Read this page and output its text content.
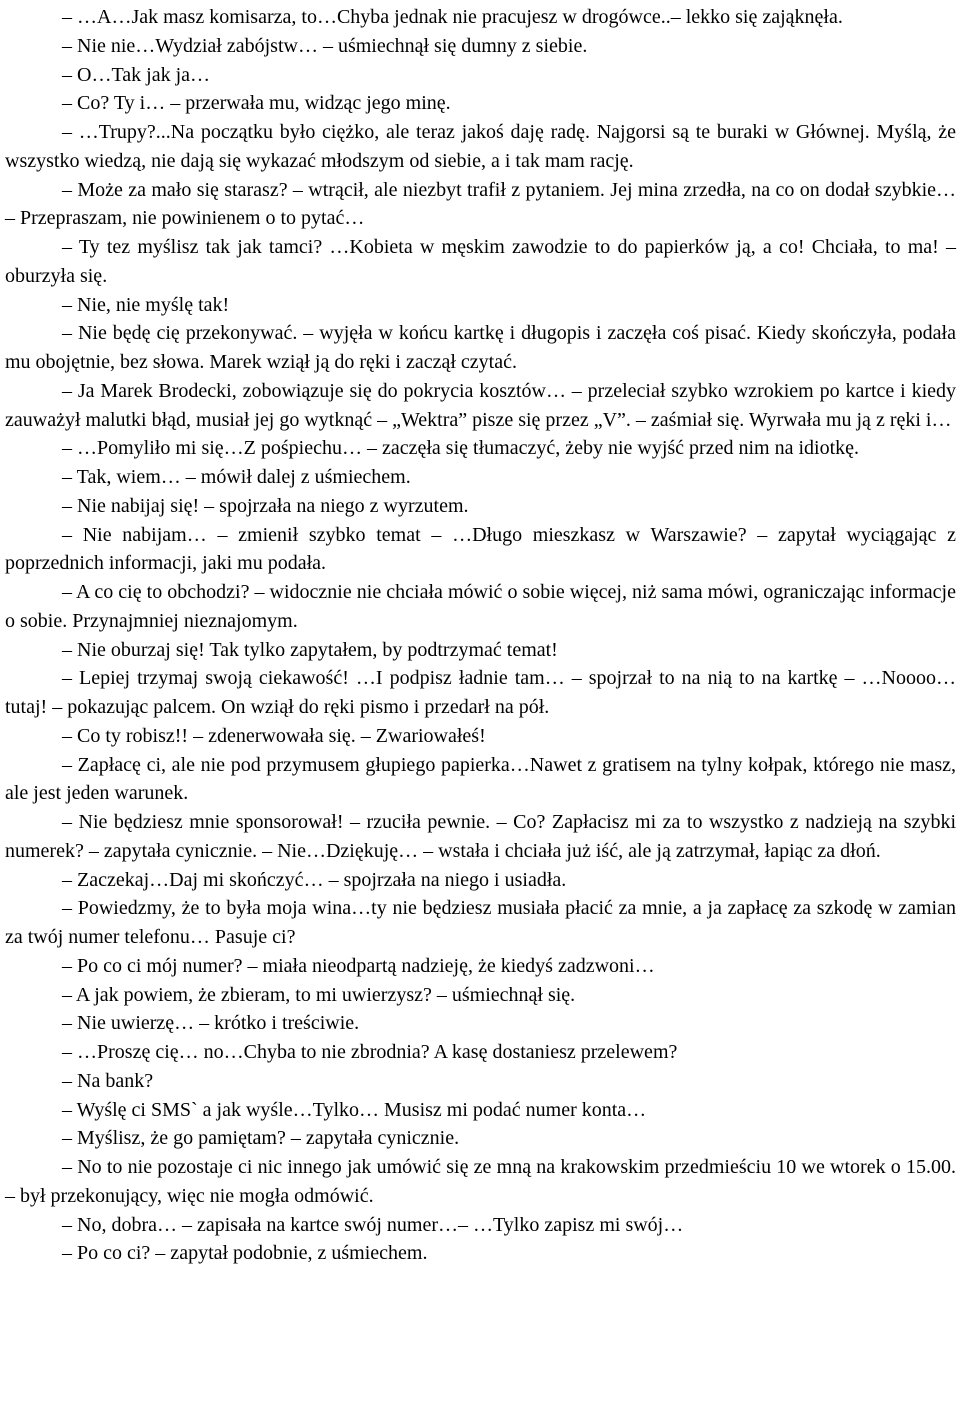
– …A…Jak masz komisarza, to…Chyba jednak nie pracujesz w drogówce..– lekko się zająknęła.

– Nie nie…Wydział zabójstw… – uśmiechnął się dumny z siebie.

– O…Tak jak ja…

– Co? Ty i… – przerwała mu, widząc jego minę.

– …Trupy?...Na początku było ciężko, ale teraz jakoś daję radę. Najgorsi są te buraki w Głównej. Myślą, że wszystko wiedzą, nie dają się wykazać młodszym od siebie, a i tak mam rację.

– Może za mało się starasz? – wtrącił, ale niezbyt trafił z pytaniem. Jej mina zrzedła, na co on dodał szybkie… – Przepraszam, nie powinienem o to pytać…

– Ty tez myślisz tak jak tamci? …Kobieta w męskim zawodzie to do papierków ją, a co! Chciała, to ma! – oburzyła się.

– Nie, nie myślę tak!

– Nie będę cię przekonywać. – wyjęła w końcu kartkę i długopis i zaczęła coś pisać. Kiedy skończyła, podała mu obojętnie, bez słowa. Marek wziął ją do ręki i zaczął czytać.

– Ja Marek Brodecki, zobowiązuje się do pokrycia kosztów… – przeleciał szybko wzrokiem po kartce i kiedy zauważył malutki błąd, musiał jej go wytknąć – „Wektra” pisze się przez „V”. – zaśmiał się. Wyrwała mu ją z ręki i…

– …Pomyliło mi się…Z pośpiechu… – zaczęła się tłumaczyć, żeby nie wyjść przed nim na idiotkę.

– Tak, wiem… – mówił dalej z uśmiechem.

– Nie nabijaj się! – spojrzała na niego z wyrzutem.

– Nie nabijam… – zmienił szybko temat – …Długo mieszkasz w Warszawie? – zapytał wyciągając z poprzednich informacji, jaki mu podała.

– A co cię to obchodzi? – widocznie nie chciała mówić o sobie więcej, niż sama mówi, ograniczając informacje o sobie. Przynajmniej nieznajomym.

– Nie oburzaj się! Tak tylko zapytałem, by podtrzymać temat!

– Lepiej trzymaj swoją ciekawość! …I podpisz ładnie tam… – spojrzał to na nią to na kartkę – …Noooo…tutaj! – pokazując palcem. On wziął do ręki pismo i przedarł na pół.

– Co ty robisz!! – zdenerwowała się. – Zwariowałeś!

– Zapłacę ci, ale nie pod przymusem głupiego papierka…Nawet z gratisem na tylny kołpak, którego nie masz, ale jest jeden warunek.

– Nie będziesz mnie sponsorował! – rzuciła pewnie. – Co? Zapłacisz mi za to wszystko z nadzieją na szybki numerek? – zapytała cynicznie. – Nie…Dziękuję… – wstała i chciała już iść, ale ją zatrzymał, łapiąc za dłoń.

– Zaczekaj…Daj mi skończyć… – spojrzała na niego i usiadła.

– Powiedzmy, że to była moja wina…ty nie będziesz musiała płacić za mnie, a ja zapłacę za szkodę w zamian za twój numer telefonu… Pasuje ci?

– Po co ci mój numer? – miała nieodpartą nadzieję, że kiedyś zadzwoni…

– A jak powiem, że zbieram, to mi uwierzysz? – uśmiechnął się.

– Nie uwierzę… – krótko i treściwie.

– …Proszę cię… no…Chyba to nie zbrodnia? A kasę dostaniesz przelewem?

– Na bank?

– Wyślę ci SMS` a jak wyśle…Tylko… Musisz mi podać numer konta…

– Myślisz, że go pamiętam? – zapytała cynicznie.

– No to nie pozostaje ci nic innego jak umówić się ze mną na krakowskim przedmieściu 10 we wtorek o 15.00. – był przekonujący, więc nie mogła odmówić.

– No, dobra… – zapisała na kartce swój numer…– …Tylko zapisz mi swój…

– Po co ci? – zapytał podobnie, z uśmiechem.
